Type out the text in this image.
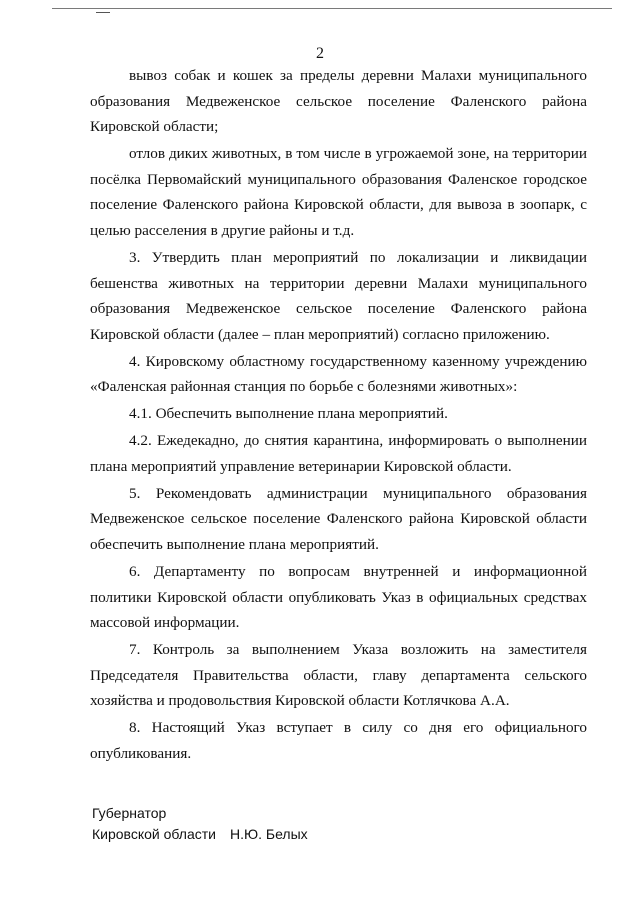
2

вывоз собак и кошек за пределы деревни Малахи муниципального образования Медвеженское сельское поселение Фаленского района Кировской области;

отлов диких животных, в том числе в угрожаемой зоне, на территории посёлка Первомайский муниципального образования Фаленское городское поселение Фаленского района Кировской области, для вывоза в зоопарк, с целью расселения в другие районы и т.д.

3. Утвердить план мероприятий по локализации и ликвидации бешенства животных на территории деревни Малахи муниципального образования Медвеженское сельское поселение Фаленского района Кировской области (далее – план мероприятий) согласно приложению.

4. Кировскому областному государственному казенному учреждению «Фаленская районная станция по борьбе с болезнями животных»:

4.1. Обеспечить выполнение плана мероприятий.

4.2. Ежедекадно, до снятия карантина, информировать о выполнении плана мероприятий управление ветеринарии Кировской области.

5. Рекомендовать администрации муниципального образования Медвеженское сельское поселение Фаленского района Кировской области обеспечить выполнение плана мероприятий.

6. Департаменту по вопросам внутренней и информационной политики Кировской области опубликовать Указ в официальных средствах массовой информации.

7. Контроль за выполнением Указа возложить на заместителя Председателя Правительства области, главу департамента сельского хозяйства и продовольствия Кировской области Котлячкова А.А.

8. Настоящий Указ вступает в силу со дня его официального опубликования.

Губернатор
Кировской области Н.Ю. Белых
